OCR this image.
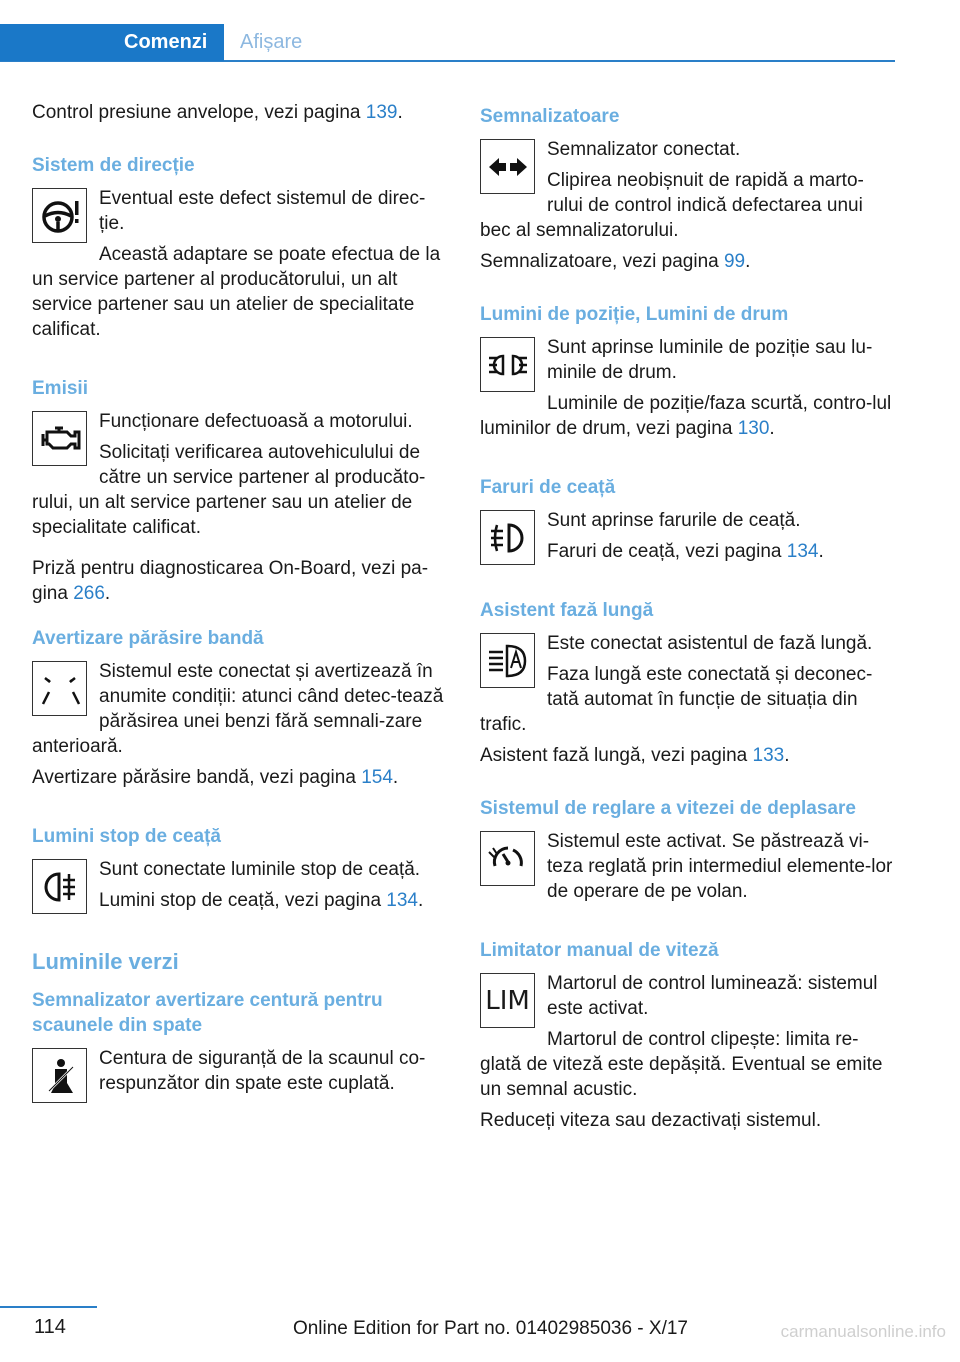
Comenzi	Afișare

Control presiune anvelope, vezi pagina 139.

Sistem de direcție

Eventual este defect sistemul de direc-ție.

Această adaptare se poate efectua de la un service partener al producătorului, un alt service partener sau un atelier de specialitate calificat.

Emisii

Funcționare defectuoasă a motorului.

Solicitați verificarea autovehiculului de către un service partener al producăto-rului, un alt service partener sau un atelier de specialitate calificat.

Priză pentru diagnosticarea On-Board, vezi pa-gina 266.

Avertizare părăsire bandă

Sistemul este conectat și avertizează în anumite condiții: atunci când detec-tează părăsirea unei benzi fără semnali-zare anterioară.

Avertizare părăsire bandă, vezi pagina 154.

Lumini stop de ceață

Sunt conectate luminile stop de ceață.

Lumini stop de ceață, vezi pagina 134.

Luminile verzi
Semnalizator avertizare centură pentru scaunele din spate

Centura de siguranță de la scaunul co-respunzător din spate este cuplată.

Semnalizatoare

Semnalizator conectat.

Clipirea neobișnuit de rapidă a marto-rului de control indică defectarea unui bec al semnalizatorului.

Semnalizatoare, vezi pagina 99.

Lumini de poziție, Lumini de drum

Sunt aprinse luminile de poziție sau lu-minile de drum.

Luminile de poziție/faza scurtă, contro-lul luminilor de drum, vezi pagina 130.

Faruri de ceață

Sunt aprinse farurile de ceață.

Faruri de ceață, vezi pagina 134.

Asistent fază lungă

Este conectat asistentul de fază lungă.

Faza lungă este conectată și deconec-tată automat în funcție de situația din trafic.

Asistent fază lungă, vezi pagina 133.

Sistemul de reglare a vitezei de deplasare

Sistemul este activat. Se păstrează vi-teza reglată prin intermediul elemente-lor de operare de pe volan.

Limitator manual de viteză
LIM

Martorul de control luminează: sistemul este activat.

Martorul de control clipește: limita re-glată de viteză este depășită. Eventual se emite un semnal acustic.

Reduceți viteza sau dezactivați sistemul.

114	Online Edition for Part no. 01402985036 - X/17	carmanualsonline.info
